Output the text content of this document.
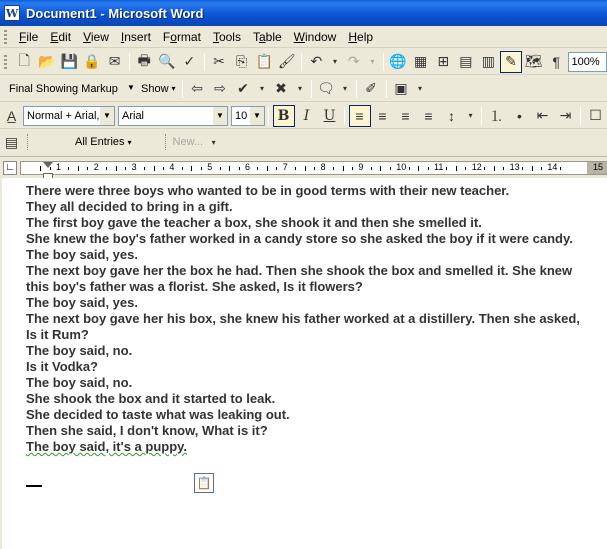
W Document1 - Microsoft Word
File	Edit	View	Insert	Format	Tools	Table	Window	Help
🗋 📂 💾 🔒 ✉	🖶 🔍 ✓	✂ ⎘ 📋 🖌	↶	▾ ↷	▾	🌐 ▦ ⊞ ▤ ▥ ✎ 🗺 ¶	100%
Final Showing Markup	▼ Show ▾	⇦ ⇨ ✔	▾ ✖	▾	🗨	▾	✐	▣	▾
A̲ Normal + Arial, ▼ Arial	▼ 10 ▼	B	I	U	≡	≡	≡	≡	↕	▾	⒈ •	⇤ ⇥	☐
▤	All Entries ▾	New...	▾
∟	1	2	3	4	5	6	7	8	9	10	11	12	13	14	15

There were three boys who wanted to be in good terms with their new teacher.

They all decided to bring in a gift.

The first boy gave the teacher a box, she shook it and then she smelled it.

She knew the boy's father worked in a candy store so she asked the boy if it were candy.

The boy said, yes.

The next boy gave her the box he had. Then she shook the box and smelled it. She knew this boy's father was a florist. She asked, Is it flowers?

The boy said, yes.

The next boy gave her his box, she knew his father worked at a distillery. Then she asked, Is it Rum?

The boy said, no.

Is it Vodka?

The boy said, no.

She shook the box and it started to leak.

She decided to taste what was leaking out.

Then she said, I don't know, What is it?

The boy said, it's a puppy.

📋
